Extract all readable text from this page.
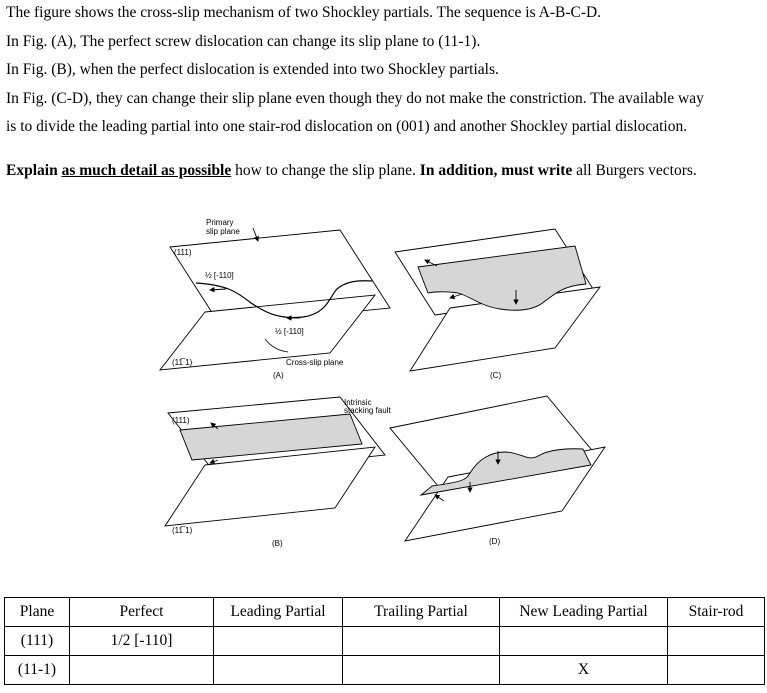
The figure shows the cross-slip mechanism of two Shockley partials. The sequence is A-B-C-D.
In Fig. (A), The perfect screw dislocation can change its slip plane to (11-1).
In Fig. (B), when the perfect dislocation is extended into two Shockley partials.
In Fig. (C-D), they can change their slip plane even though they do not make the constriction. The available way
is to divide the leading partial into one stair-rod dislocation on (001) and another Shockley partial dislocation.
Explain as much detail as possible how to change the slip plane. In addition, must write all Burgers vectors.
Primary
slip plane
(111)
½ [-110]
½ [-110]
Cross-slip plane
(11̅ 1)
(A)	(C)
(111)
(11̅ 1)
Intrinsic
stacking fault
(B)	(D)
Plane	Perfect	Leading Partial	Trailing Partial	New Leading Partial	Stair-rod
(111)	1/2 [-110]				
(11-1)				X	
